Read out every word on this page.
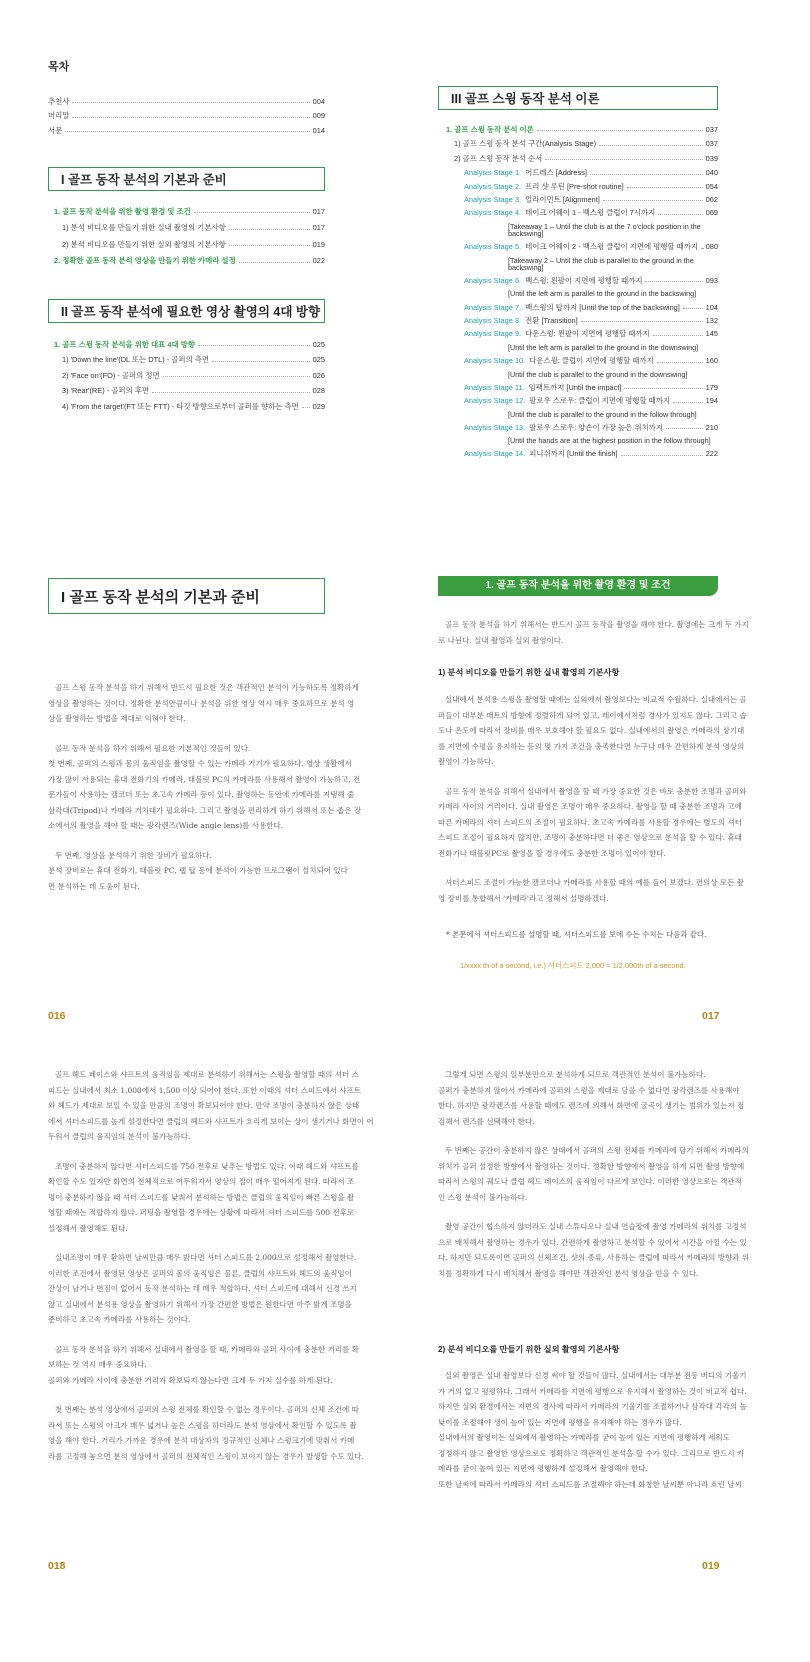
목차
추천사	004
머리말	009
서문	014
I 골프 동작 분석의 기본과 준비
1. 골프 동작 분석을 위한 촬영 환경 및 조건	017
1) 분석 비디오를 만들기 위한 실내 촬영의 기본사항	017
2) 분석 비디오를 만들기 위한 실외 촬영의 기본사항	019
2. 정확한 골프 동작 분석 영상을 만들기 위한 카메라 설정	022
II 골프 동작 분석에 필요한 영상 촬영의 4대 방향
1. 골프 스윙 동작 분석을 위한 대표 4대 방향	025
1) 'Down the line'(DL 또는 DTL) - 골퍼의 측면	025
2) 'Face on'(FO) - 골퍼의 정면	026
3) 'Rear'(RE) - 골퍼의 후면	028
4) 'From the target'(FT 또는 FTT) - 타깃 방향으로부터 골퍼를 향하는 측면 029
III 골프 스윙 동작 분석 이론
1. 골프 스윙 동작 분석 이론	037
1) 골프 스윙 동작 분석 구간(Analysis Stage)	037
2) 골프 스윙 동작 분석 순서	039
Analysis Stage 1. 어드레스 [Address]	040
Analysis Stage 2. 프리 샷 루틴 [Pre-shot routine]	054
Analysis Stage 3. 얼라이먼트 [Alignment]	062
Analysis Stage 4. 테이크 어웨이 1 - 백스윙 클럽이 7시까지	069
[Takeaway 1 – Until the club is at the 7 o'clock position in the backswing]
Analysis Stage 5. 테이크 어웨이 2 - 백스윙 클럽이 지면에 평행할 때까지 080
[Takeaway 2 – Until the club is parallel to the ground in the backswing]
Analysis Stage 6. 백스윙: 왼팔이 지면에 평행할 때까지	093
[Until the left arm is parallel to the ground in the backswing]
Analysis Stage 7. 백스윙의 탑까지 [Until the top of the backswing]	104
Analysis Stage 8. 전환 [Transition]	132
Analysis Stage 9. 다운스윙: 왼팔이 지면에 평행할 때까지	145
[Until the left arm is parallel to the ground in the downswing]
Analysis Stage 10. 다운스윙: 클럽이 지면에 평행할 때까지	160
[Until the club is parallel to the ground in the downswing]
Analysis Stage 11. 임팩트까지 [Until the impact]	179
Analysis Stage 12. 팔로우 스로우: 클럽이 지면에 평행할 때까지	194
[Until the club is parallel to the ground in the follow through]
Analysis Stage 13. 팔로우 스로우: 양손이 가장 높은 위치까지	210
[Until the hands are at the highest position in the follow through]
Analysis Stage 14. 피니쉬까지 [Until the finish]	222
I 골프 동작 분석의 기본과 준비
골프 스윙 동작 분석을 하기 위해서 반드시 필요한 것은 객관적인 분석이 가능하도록 정확하게
영상을 촬영하는 것이다. 정확한 분석만큼이나 분석을 위한 영상 역시 매우 중요하므로 분석 영
상을 촬영하는 방법을 제대로 익혀야 한다.
골프 동작 분석을 하기 위해서 필요한 기본적인 것들이 있다.
첫 번째, 골퍼의 스윙과 몸의 움직임을 촬영할 수 있는 카메라 기기가 필요하다. 영상 생활에서
가장 많이 사용되는 휴대 전화기의 카메라, 태블릿 PC의 카메라를 사용해서 촬영이 가능하고, 전
문가들이 사용하는 캠코더 또는 초고속 카메라 등이 있다. 촬영하는 동안에 카메라를 지탱해 줄
삼각대(Tripod)나 카메라 거치대가 필요하다. 그리고 촬영을 편리하게 하기 위해서 또는 좁은 장
소에서의 촬영을 해야 할 때는 광각렌즈(Wide angle lens)를 사용한다.
두 번째, 영상을 분석하기 위한 장비가 필요하다.
분석 장비로는 휴대 전화기, 태블릿 PC, 랩 탑 등에 분석이 가능한 프로그램이 설치되어 있다
면 분석하는 데 도움이 된다.
016
1. 골프 동작 분석을 위한 촬영 환경 및 조건
골프 동작 분석을 하기 위해서는 반드시 골프 동작을 촬영을 해야 한다. 촬영에는 크게 두 가지
로 나뉜다. 실내 촬영과 실외 촬영이다.
1) 분석 비디오를 만들기 위한 실내 촬영의 기본사항
실내에서 분석용 스윙을 촬영할 때에는 실외에서 촬영보다는 비교적 수월하다. 실내에서는 골
퍼들이 대부분 매트의 방향에 정렬하게 되어 있고, 레이에서처럼 경사가 있지도 않다. 그리고 습
도나 온도에 따라서 장비를 매우 보호해야 할 필요도 없다. 실내에서의 촬영은 카메라의 상기대
를 지면에 수평을 유지하는 등의 몇 가지 조건을 충족한다면 누구나 매우 간편하게 분석 영상의
촬영이 가능하다.
골프 동작 분석을 위해서 실내에서 촬영을 할 때 가장 중요한 것은 바로 충분한 조명과 골퍼와
카메라 사이의 거리이다. 실내 촬영은 조명이 매우 중요하다. 촬영을 할 때 충분한 조명과 고에
따른 카메라의 셔터 스피드의 조절이 필요하다. 초고속 카메라를 사용할 경우에는 별도의 셔터
스피드 조절이 필요하지 않지만, 조명이 충분하다면 더 좋은 영상으로 분석을 할 수 있다. 휴대
전화기나 태블릿PC로 촬영을 할 경우에도 충분한 조명이 있어야 한다.
셔터스피드 조절이 가능한 캠코더나 카메라를 사용할 때의 예를 들어 보겠다. 편의상 모든 촬
영 장비를 통합해서 '카메라'라고 정해서 설명하겠다.
* 본문에서 셔터스피드를 설명할 때, 셔터스피드를 보에 수는 수치는 다음과 같다.
1/xxxx th of a second, i.e.) 셔터스피드 2,000 = 1/2,000th of a second.
017
골프 헤드 페이스와 샤프트의 움직임을 제대로 분석하기 위해서는 스윙을 촬영할 때의 셔터 스
피드는 실내에서 최소 1,000에서 1,500 이상 되어야 한다. 또한 이때의 셔터 스피드에서 샤프트
와 헤드가 제대로 보일 수 있을 만큼의 조명이 확보되어야 한다. 만약 조명이 충분하지 않은 상태
에서 셔터스피드를 높게 설정한다면 클럽의 헤드와 샤프트가 흐리게 보이는 상이 생기거나 화면이 어
두워서 클럽의 움직임의 분석이 불가능하다.
조명이 충분하지 않다면 셔터스피드를 750 전후로 낮추는 방법도 있다. 이때 헤드와 샤프트를
확인할 수도 있지만 화면의 전체적으로 어두워지서 영상의 질이 매우 떨어지게 된다. 따라서 조
명이 충분하지 않을 때 셔터 스피드를 낮춰서 분석하는 방법은 클럽의 움직임이 빠른 스윙을 촬
영할 때에는 적합하지 않다. 퍼팅을 촬영할 경우에는 상황에 따라서 셔터 스피드를 500 전후로
설정해서 촬영해도 된다.
실내조명이 매우 환하면 날씨만큼 매우 밝다면 셔터 스피드를 2,000으로 설정해서 촬영한다.
이러한 조건에서 촬영된 영상은 골퍼의 몸의 움직임은 물론, 클럽의 샤프트와 헤드의 움직임이
잔상이 남거나 번짐이 없어서 동작 분석하는 데 매우 적합하다. 셔터 스피드에 대해서 신경 쓰지
않고 실내에서 분석용 영상을 촬영하기 위해서 가장 간편한 방법은 원한다면 아주 밝게 조명을
준비하고 초고속 카메라를 사용하는 것이다.
골프 동작 분석을 하기 위해서 실내에서 촬영을 할 때, 카메라와 골퍼 사이에 충분한 거리를 확
보하는 것 역시 매우 중요하다.
골퍼와 카메라 사이에 충분한 거리가 확보되지 않는다면 크게 두 가지 실수를 하게 된다.
첫 번째는 분석 영상에서 골퍼의 스윙 전체를 확인할 수 없는 경우이다. 골퍼의 신체 조건에 따
라서 또는 스윙의 아크가 매우 넓거나 높은 스윙을 하더라도 분석 영상에서 확인할 수 있도록 촬
영을 해야 한다. 거리가 가까운 경우에 분석 대상자의 정규적인 신체나 스윙크기에 맞춰서 카메
라를 고정해 놓으면 분석 영상에서 골퍼의 전체적인 스윙이 보이지 않는 경우가 발생할 수도 있다.
018
그렇게 되면 스윙의 일부분만으로 분석하게 되므로 객관적인 분석이 불가능하다.
골퍼가 충분하지 않아서 카메라에 골퍼의 스윙을 제대로 담을 수 없다면 광각렌즈를 사용해야
한다. 하지만 광각렌즈를 사용할 때에도 렌즈에 의해서 화면에 굴곡이 생기는 범위가 있는지 점
검해서 렌즈를 선택해야 한다.
두 번째는 공간이 충분하지 않은 상태에서 골퍼의 스윙 전체를 카메라에 담기 위해서 카메라의
위치가 골퍼 설정한 방향에서 촬영하는 것이다. 정확한 방향에서 촬영을 하게 되면 촬영 방향에
따라서 스윙의 궤도나 클럽 헤드 페이스의 움직임이 다르게 보인다. 이러한 영상으로는 객관적
인 스윙 분석이 불가능하다.
촬영 공간이 협소하지 않더라도 실내 스튜디오나 실내 연습장에 촬영 카메라의 위치를 고정석
으로 배치해서 촬영하는 경우가 있다. 간편하게 촬영하고 분석할 수 있어서 시간을 아낄 수는 있
다. 하지만 되도록이면 골퍼의 신체조건, 샷의 종류, 사용하는 클럽에 따라서 카메라의 방향과 위
치를 정확하게 다시 배치해서 촬영을 해야만 객관적인 분석 영상을 얻을 수 있다.
2) 분석 비디오를 만들기 위한 실외 촬영의 기본사항
실외 촬영은 실내 촬영보다 신경 써야 할 것들이 많다. 실내에서는 대부분 전동 버디의 기울기
가 거의 없고 평평하다. 그래서 카메라를 지면에 평행으로 유지해서 촬영하는 것이 비교적 쉽다.
하지만 실외 환경에서는 지면의 경사에 따라서 카메라의 기울기를 조절하거나 삼각대 각각의 높
낮이를 조절해야 생이 높여 있는 지면에 평행을 유지해야 하는 경우가 많다.
실내에서의 촬영이는 실외에서 촬영하는 카메라를 굳이 높여 있는 지면에 평행하게 세워도
정정하지 않고 촬영한 영상으로도 정확하고 객관적인 분석을 할 수가 있다. 그리므로 반드시 카
메라를 굳이 높여 있는 지면에 평행하게 설정해서 촬영해야 한다.
또한 날씨에 따라서 카메라의 셔터 스피드를 조절해야 하는데 화창한 날씨뿐 아니라 흐린 날씨
019
